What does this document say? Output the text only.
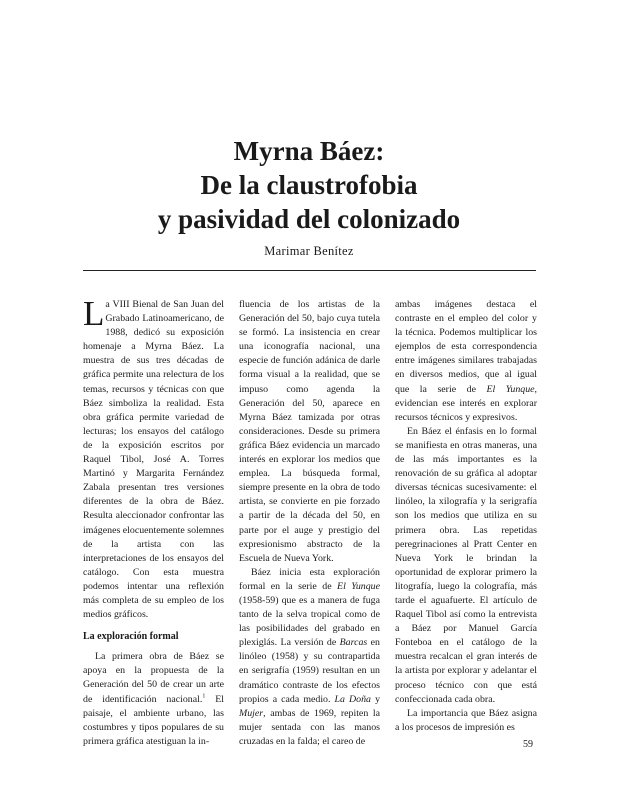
Myrna Báez:
De la claustrofobia
y pasividad del colonizado
Marimar Benítez

La VIII Bienal de San Juan del Grabado Latinoamericano, de 1988, dedicó su exposición homenaje a Myrna Báez. La muestra de sus tres décadas de gráfica permite una relectura de los temas, recursos y técnicas con que Báez simboliza la realidad. Esta obra gráfica permite variedad de lecturas; los ensayos del catálogo de la exposición escritos por Raquel Tibol, José A. Torres Martinó y Margarita Fernández Zabala presentan tres versiones diferentes de la obra de Báez. Resulta aleccionador confrontar las imágenes elocuentemente solemnes de la artista con las interpretaciones de los ensayos del catálogo. Con esta muestra podemos intentar una reflexión más completa de su empleo de los medios gráficos.

La exploración formal

La primera obra de Báez se apoya en la propuesta de la Generación del 50 de crear un arte de identificación nacional.$^1$ El paisaje, el ambiente urbano, las costumbres y tipos populares de su primera gráfica atestiguan la in-

fluencia de los artistas de la Generación del 50, bajo cuya tutela se formó. La insistencia en crear una iconografía nacional, una especie de función adánica de darle forma visual a la realidad, que se impuso como agenda la Generación del 50, aparece en Myrna Báez tamizada por otras consideraciones. Desde su primera gráfica Báez evidencia un marcado interés en explorar los medios que emplea. La búsqueda formal, siempre presente en la obra de todo artista, se convierte en pie forzado a partir de la década del 50, en parte por el auge y prestigio del expresionismo abstracto de la Escuela de Nueva York.

Báez inicia esta exploración formal en la serie de El Yunque (1958-59) que es a manera de fuga tanto de la selva tropical como de las posibilidades del grabado en plexiglás. La versión de Barcas en linóleo (1958) y su contrapartida en serigrafía (1959) resultan en un dramático contraste de los efectos propios a cada medio. La Doña y Mujer, ambas de 1969, repiten la mujer sentada con las manos cruzadas en la falda; el careo de

ambas imágenes destaca el contraste en el empleo del color y la técnica. Podemos multiplicar los ejemplos de esta correspondencia entre imágenes similares trabajadas en diversos medios, que al igual que la serie de El Yunque, evidencian ese interés en explorar recursos técnicos y expresivos.

En Báez el énfasis en lo formal se manifiesta en otras maneras, una de las más importantes es la renovación de su gráfica al adoptar diversas técnicas sucesivamente: el linóleo, la xilografía y la serigrafía son los medios que utiliza en su primera obra. Las repetidas peregrinaciones al Pratt Center en Nueva York le brindan la oportunidad de explorar primero la litografía, luego la colografía, más tarde el aguafuerte. El artículo de Raquel Tibol así como la entrevista a Báez por Manuel García Fonteboa en el catálogo de la muestra recalcan el gran interés de la artista por explorar y adelantar el proceso técnico con que está confeccionada cada obra.

La importancia que Báez asigna a los procesos de impresión es

59
